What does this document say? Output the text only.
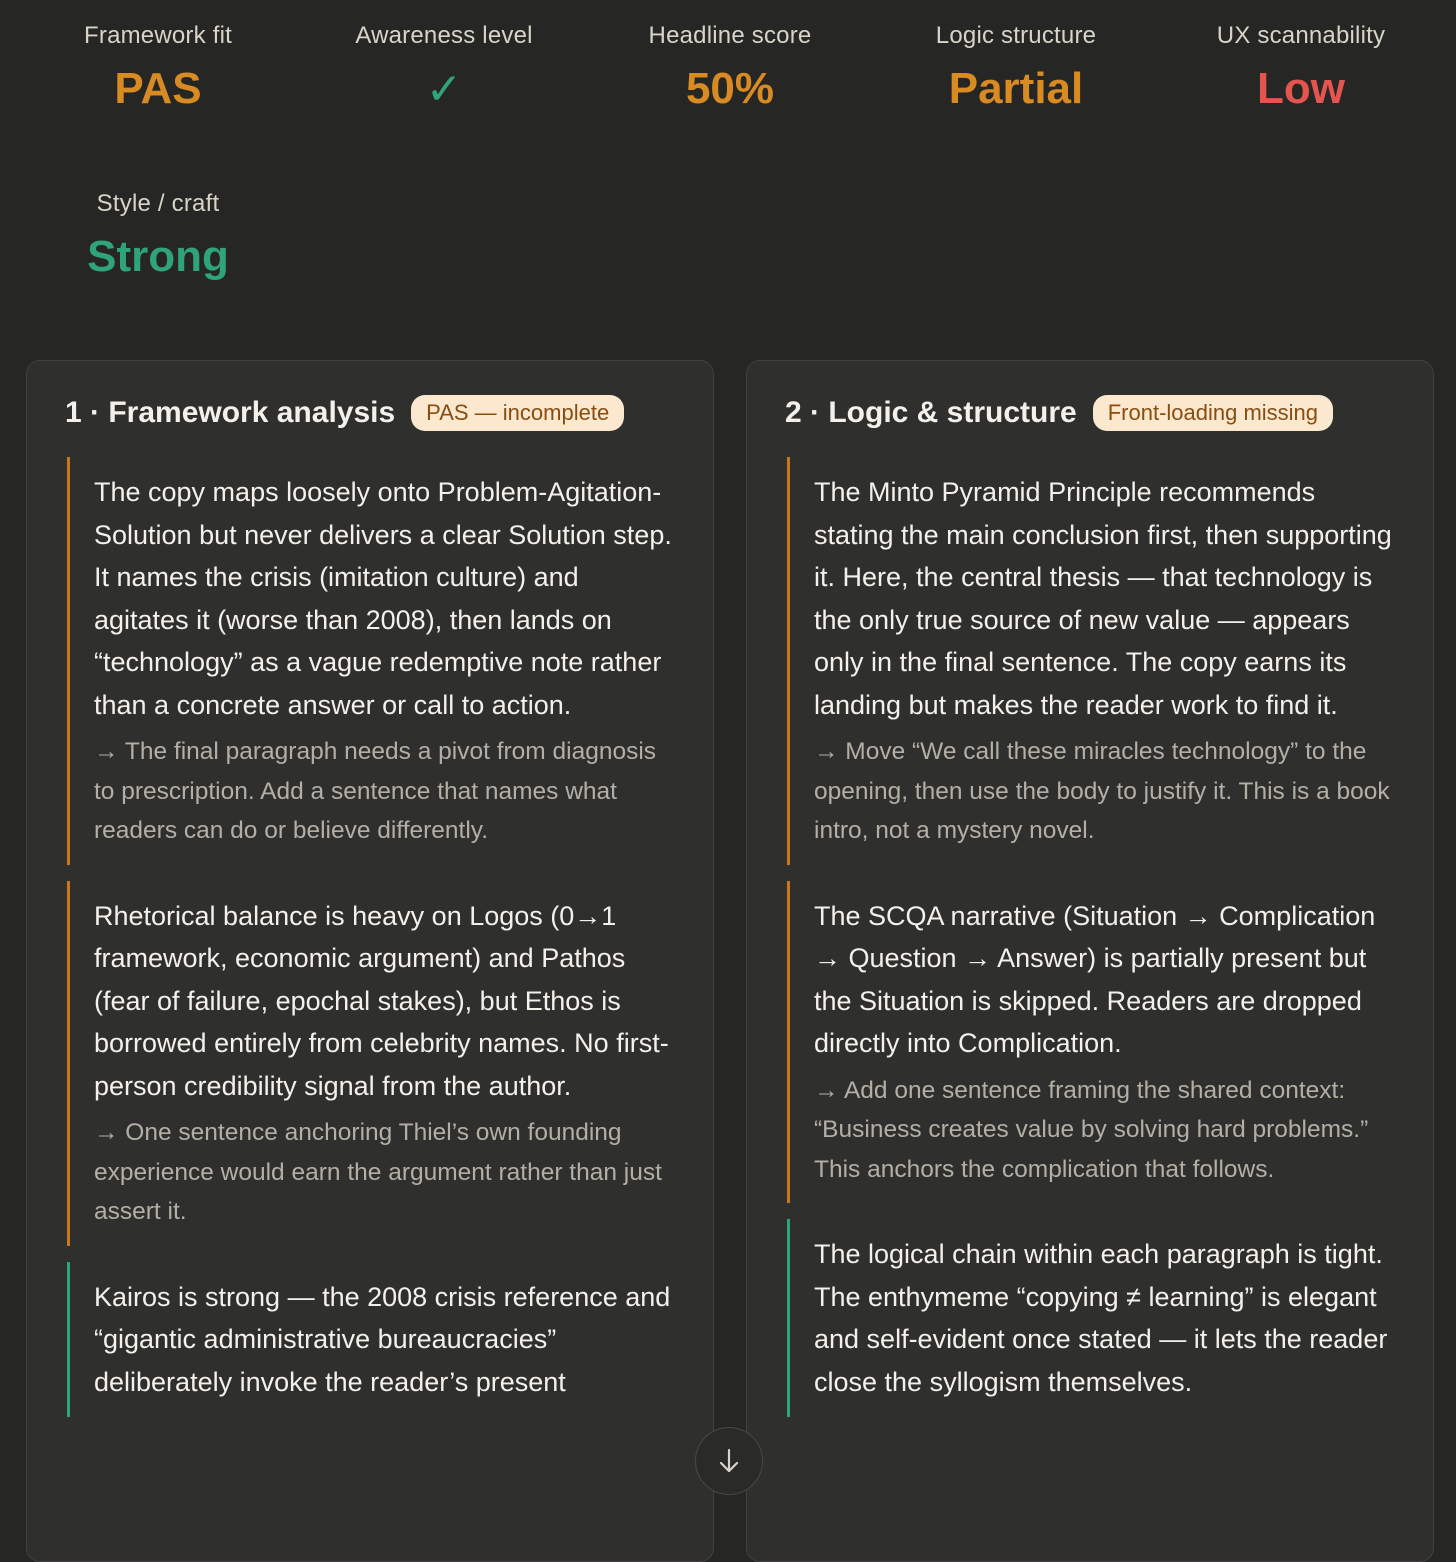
Framework fit
PAS
Awareness level
✓
Headline score
50%
Logic structure
Partial
UX scannability
Low
Style / craft
Strong
1 · Framework analysis	PAS — incomplete
The copy maps loosely onto Problem-Agitation-Solution but never delivers a clear Solution step. It names the crisis (imitation culture) and agitates it (worse than 2008), then lands on “technology” as a vague redemptive note rather than a concrete answer or call to action.
→ The final paragraph needs a pivot from diagnosis to prescription. Add a sentence that names what readers can do or believe differently.
Rhetorical balance is heavy on Logos (0→1 framework, economic argument) and Pathos (fear of failure, epochal stakes), but Ethos is borrowed entirely from celebrity names. No first-person credibility signal from the author.
→ One sentence anchoring Thiel’s own founding experience would earn the argument rather than just assert it.
Kairos is strong — the 2008 crisis reference and “gigantic administrative bureaucracies” deliberately invoke the reader’s present
2 · Logic & structure	Front-loading missing
The Minto Pyramid Principle recommends stating the main conclusion first, then supporting it. Here, the central thesis — that technology is the only true source of new value — appears only in the final sentence. The copy earns its landing but makes the reader work to find it.
→ Move “We call these miracles technology” to the opening, then use the body to justify it. This is a book intro, not a mystery novel.
The SCQA narrative (Situation → Complication → Question → Answer) is partially present but the Situation is skipped. Readers are dropped directly into Complication.
→ Add one sentence framing the shared context: “Business creates value by solving hard problems.” This anchors the complication that follows.
The logical chain within each paragraph is tight. The enthymeme “copying ≠ learning” is elegant and self-evident once stated — it lets the reader close the syllogism themselves.
